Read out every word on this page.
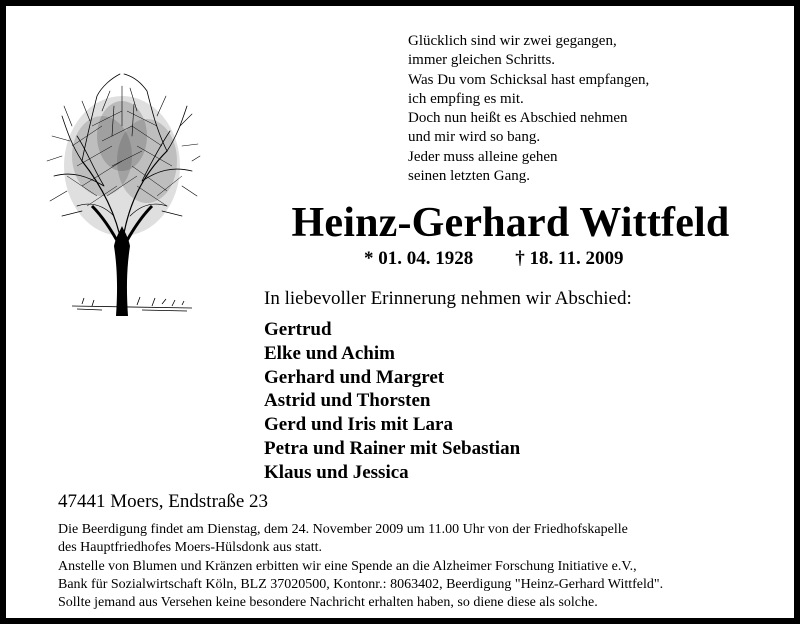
Glücklich sind wir zwei gegangen,
immer gleichen Schritts.
Was Du vom Schicksal hast empfangen,
ich empfing es mit.
Doch nun heißt es Abschied nehmen
und mir wird so bang.
Jeder muss alleine gehen
seinen letzten Gang.
Heinz-Gerhard Wittfeld
* 01. 04. 1928 † 18. 11. 2009
In liebevoller Erinnerung nehmen wir Abschied:
Gertrud
Elke und Achim
Gerhard und Margret
Astrid und Thorsten
Gerd und Iris mit Lara
Petra und Rainer mit Sebastian
Klaus und Jessica
47441 Moers, Endstraße 23
Die Beerdigung findet am Dienstag, dem 24. November 2009 um 11.00 Uhr von der Friedhofskapelle
des Hauptfriedhofes Moers-Hülsdonk aus statt.
Anstelle von Blumen und Kränzen erbitten wir eine Spende an die Alzheimer Forschung Initiative e.V.,
Bank für Sozialwirtschaft Köln, BLZ 37020500, Kontonr.: 8063402, Beerdigung "Heinz-Gerhard Wittfeld".
Sollte jemand aus Versehen keine besondere Nachricht erhalten haben, so diene diese als solche.
